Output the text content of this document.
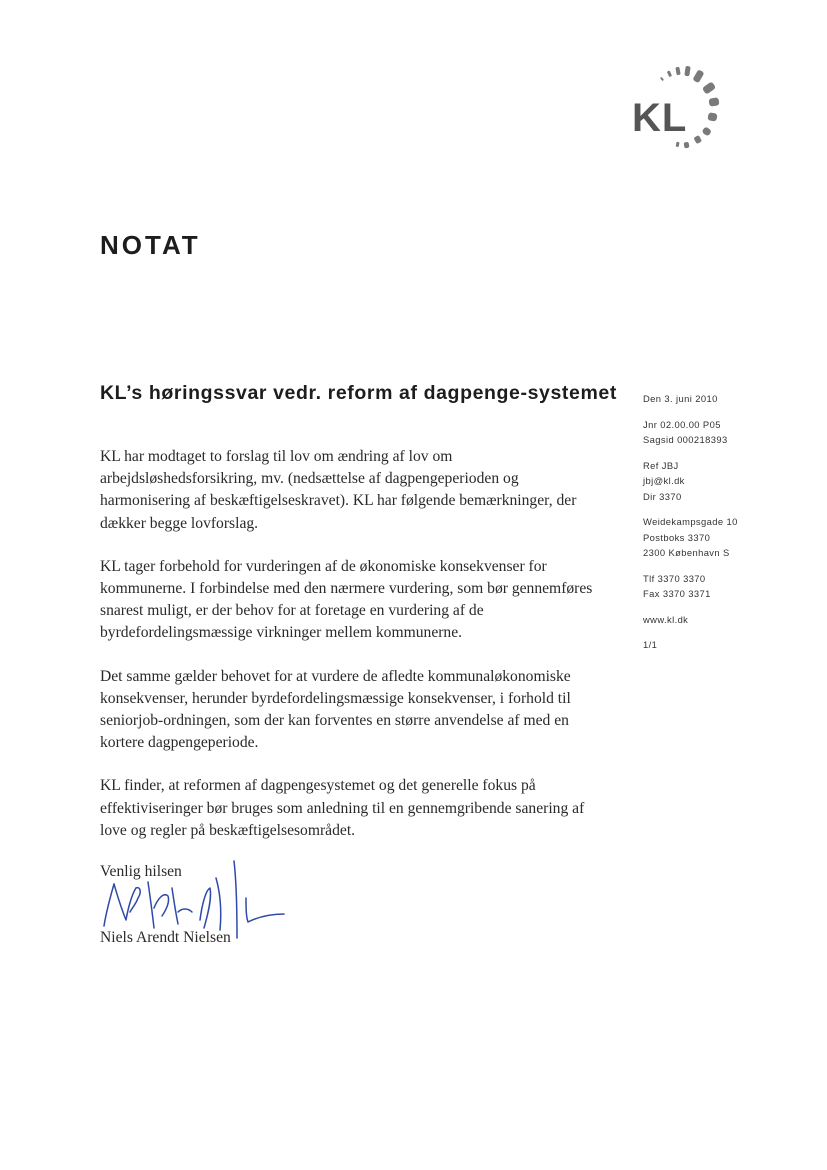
KL
NOTAT
KL’s høringssvar vedr. reform af dagpenge-systemet

KL har modtaget to forslag til lov om ændring af lov om arbejdsløshedsforsikring, mv. (nedsættelse af dagpengeperioden og harmonisering af beskæftigelseskravet). KL har følgende bemærkninger, der dækker begge lovforslag.

KL tager forbehold for vurderingen af de økonomiske konsekvenser for kommunerne. I forbindelse med den nærmere vurdering, som bør gennemføres snarest muligt, er der behov for at foretage en vurdering af de byrdefordelingsmæssige virkninger mellem kommunerne.

Det samme gælder behovet for at vurdere de afledte kommunaløkonomiske konsekvenser, herunder byrdefordelingsmæssige konsekvenser, i forhold til seniorjob-ordningen, som der kan forventes en større anvendelse af med en kortere dagpengeperiode.

KL finder, at reformen af dagpengesystemet og det generelle fokus på effektiviseringer bør bruges som anledning til en gennemgribende sanering af love og regler på beskæftigelsesområdet.

Venlig hilsen
Niels Arendt Nielsen
Den 3. juni 2010
Jnr 02.00.00 P05
Sagsid 000218393
Ref JBJ
jbj@kl.dk
Dir 3370
Weidekampsgade 10
Postboks 3370
2300 København S
Tlf 3370 3370
Fax 3370 3371
www.kl.dk
1/1
